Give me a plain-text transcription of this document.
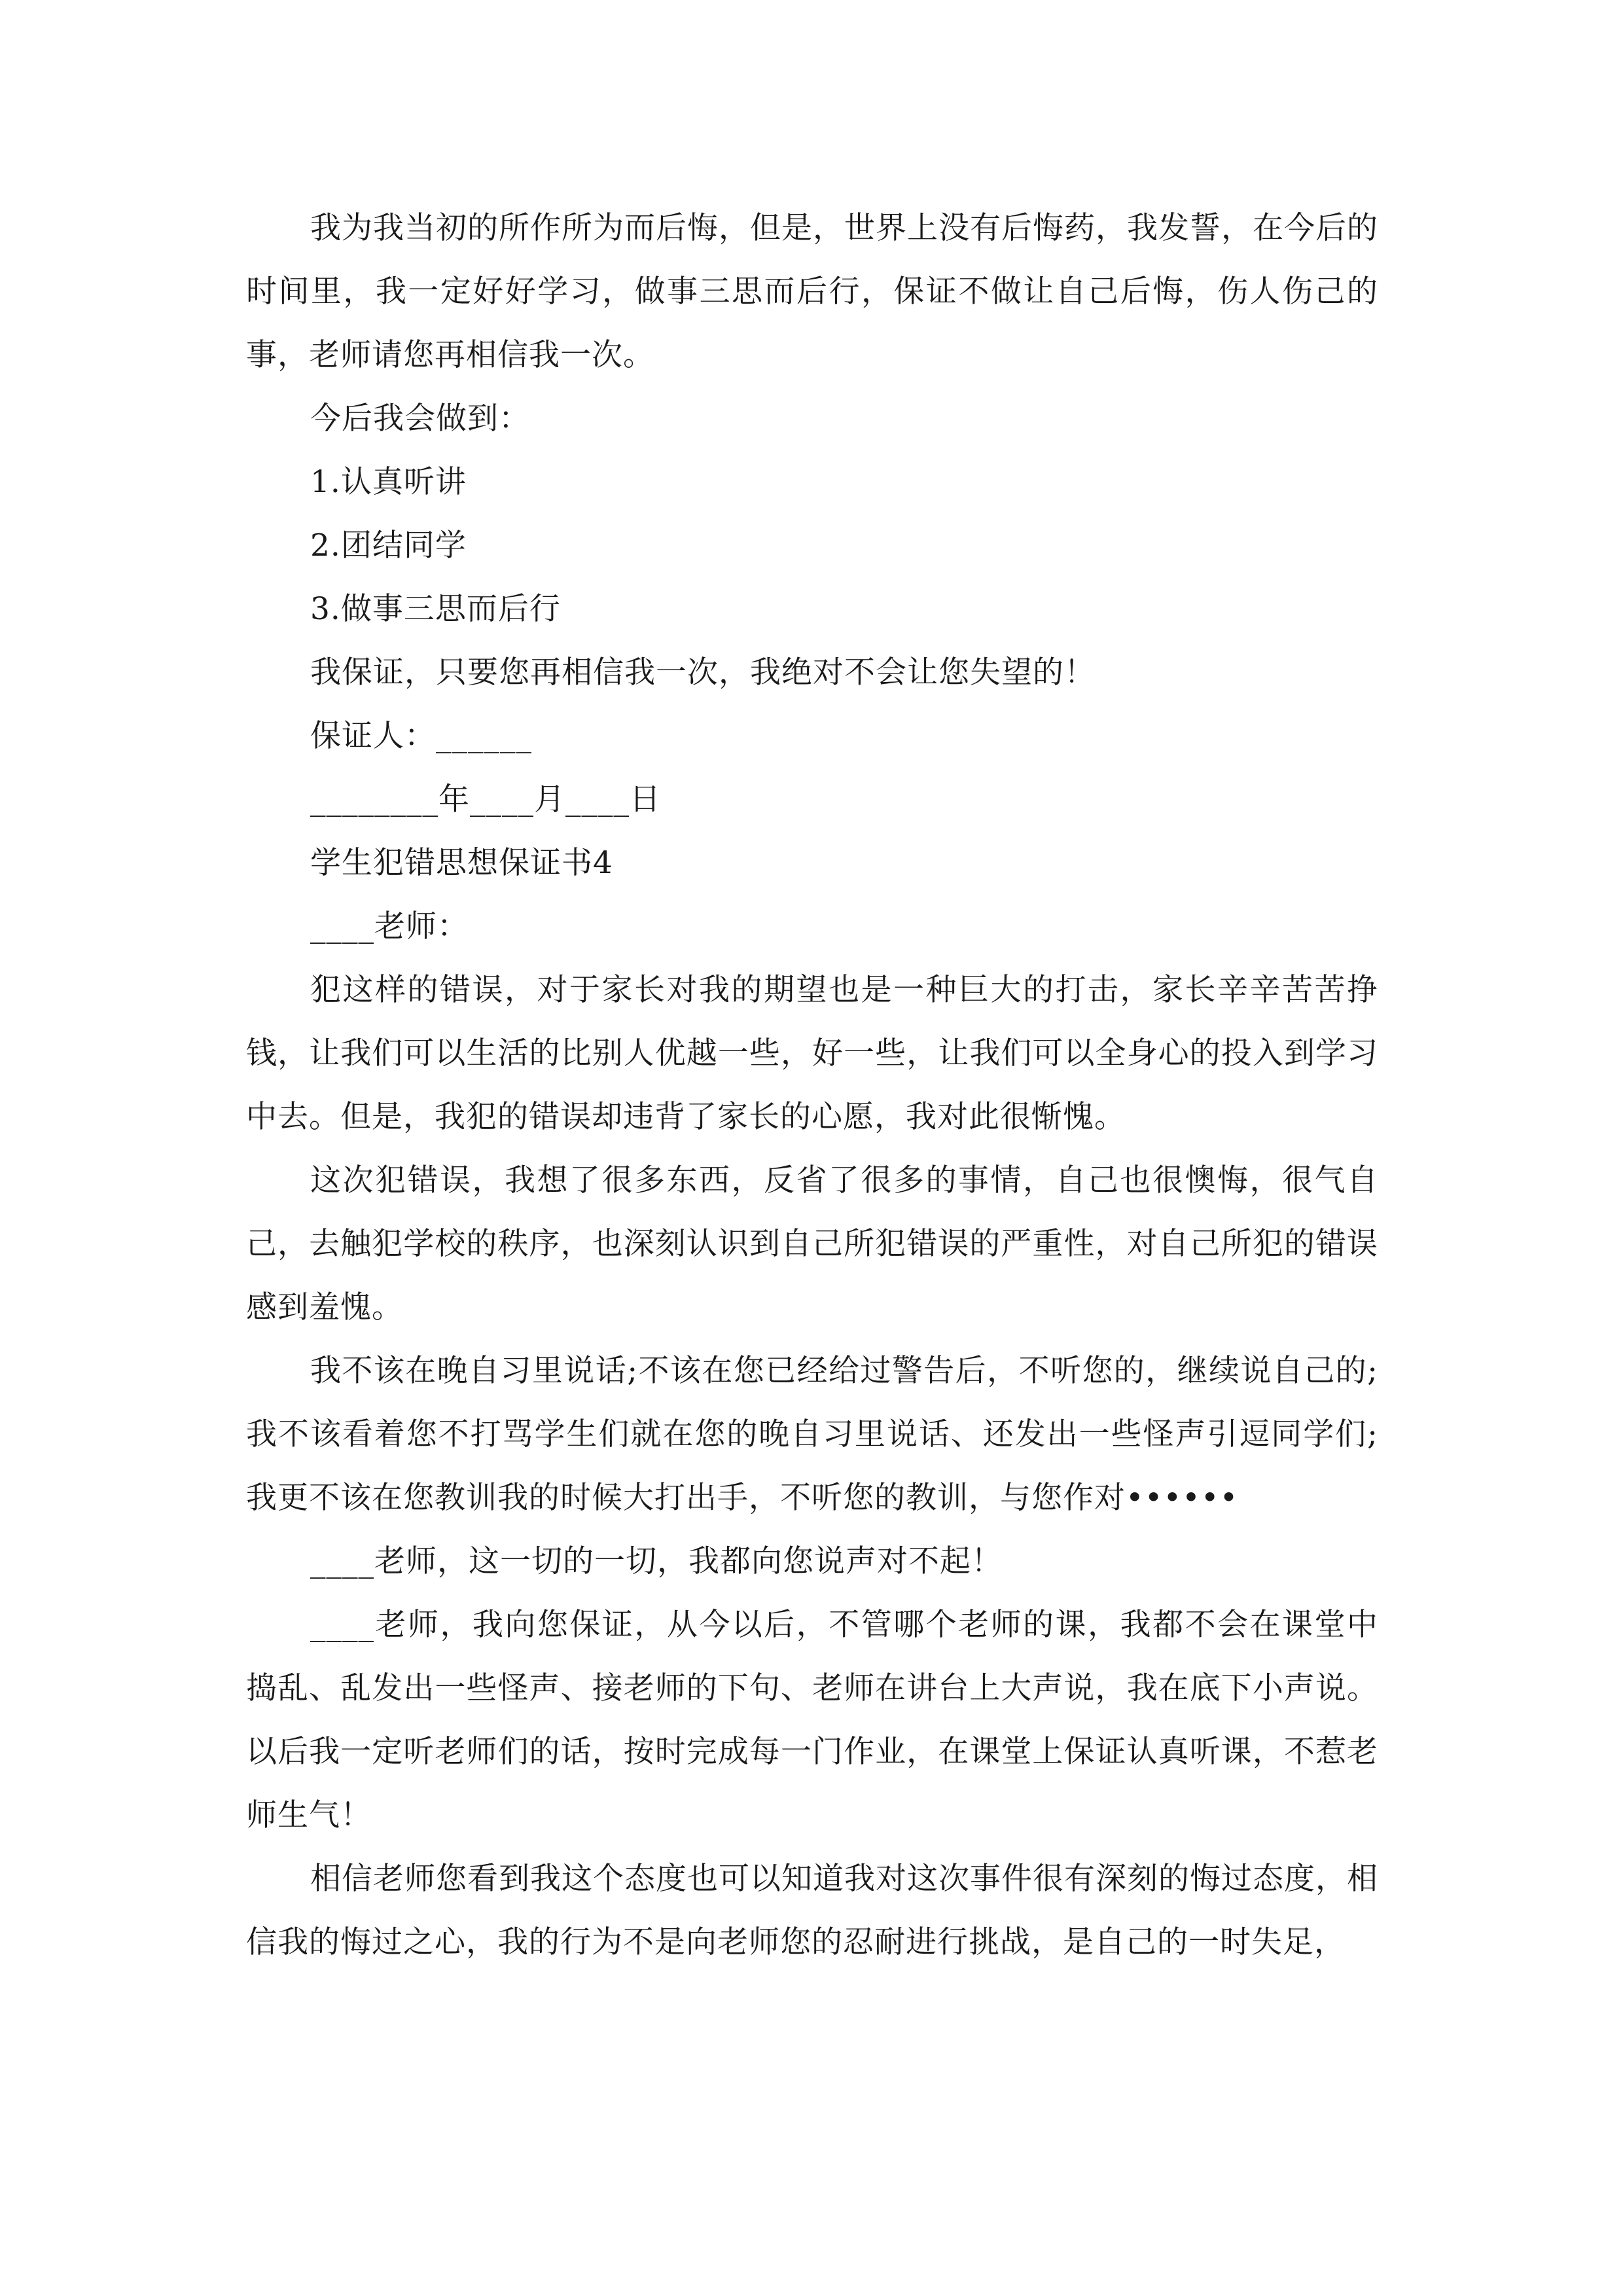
我为我当初的所作所为而后悔，但是，世界上没有后悔药，我发誓，在今后的时间里，我一定好好学习，做事三思而后行，保证不做让自己后悔，伤人伤己的事，老师请您再相信我一次。

今后我会做到：
1.认真听讲
2.团结同学
3.做事三思而后行
我保证，只要您再相信我一次，我绝对不会让您失望的！
保证人：______
________年____月____日
学生犯错思想保证书4
____老师：

犯这样的错误，对于家长对我的期望也是一种巨大的打击，家长辛辛苦苦挣钱，让我们可以生活的比别人优越一些，好一些，让我们可以全身心的投入到学习中去。但是，我犯的错误却违背了家长的心愿，我对此很惭愧。

这次犯错误，我想了很多东西，反省了很多的事情，自己也很懊悔，很气自己，去触犯学校的秩序，也深刻认识到自己所犯错误的严重性，对自己所犯的错误感到羞愧。

我不该在晚自习里说话;不该在您已经给过警告后，不听您的，继续说自己的;我不该看着您不打骂学生们就在您的晚自习里说话、还发出一些怪声引逗同学们;我更不该在您教训我的时候大打出手，不听您的教训，与您作对••••••

____老师，这一切的一切，我都向您说声对不起！

____老师，我向您保证，从今以后，不管哪个老师的课，我都不会在课堂中捣乱、乱发出一些怪声、接老师的下句、老师在讲台上大声说，我在底下小声说。以后我一定听老师们的话，按时完成每一门作业，在课堂上保证认真听课，不惹老师生气！

相信老师您看到我这个态度也可以知道我对这次事件很有深刻的悔过态度，相信我的悔过之心，我的行为不是向老师您的忍耐进行挑战，是自己的一时失足，
